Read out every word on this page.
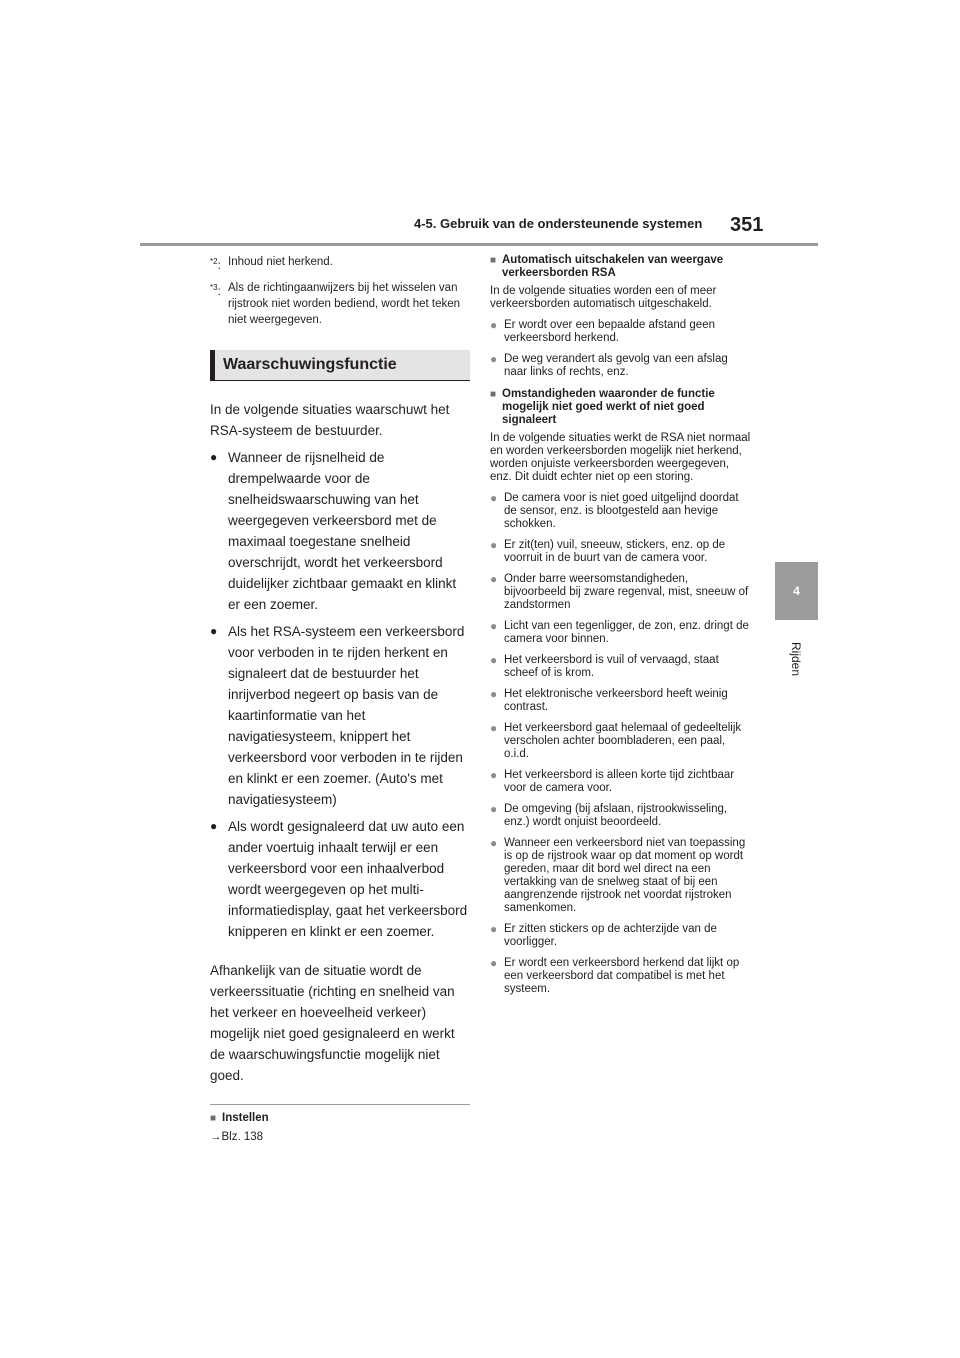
4-5. Gebruik van de ondersteunende systemen 351
4
Rijden
$^{*2}$: Inhoud niet herkend.
$^{*3}$: Als de richtingaanwijzers bij het wisselen van rijstrook niet worden bediend, wordt het teken niet weergegeven.
Waarschuwingsfunctie

In de volgende situaties waarschuwt het RSA-systeem de bestuurder.

● Wanneer de rijsnelheid de drempelwaarde voor de snelheidswaarschuwing van het weergegeven verkeersbord met de maximaal toegestane snelheid overschrijdt, wordt het verkeersbord duidelijker zichtbaar gemaakt en klinkt er een zoemer.
● Als het RSA-systeem een verkeersbord voor verboden in te rijden herkent en signaleert dat de bestuurder het inrijverbod negeert op basis van de kaartinformatie van het navigatiesysteem, knippert het verkeersbord voor verboden in te rijden en klinkt er een zoemer. (Auto's met navigatiesysteem)
● Als wordt gesignaleerd dat uw auto een ander voertuig inhaalt terwijl er een verkeersbord voor een inhaalverbod wordt weergegeven op het multi-informatiedisplay, gaat het verkeersbord knipperen en klinkt er een zoemer.

Afhankelijk van de situatie wordt de verkeerssituatie (richting en snelheid van het verkeer en hoeveelheid verkeer) mogelijk niet goed gesignaleerd en werkt de waarschuwingsfunctie mogelijk niet goed.

■ Instellen
→Blz. 138
■ Automatisch uitschakelen van weergave verkeersborden RSA
In de volgende situaties worden een of meer verkeersborden automatisch uitgeschakeld.
● Er wordt over een bepaalde afstand geen verkeersbord herkend.
● De weg verandert als gevolg van een afslag naar links of rechts, enz.
■ Omstandigheden waaronder de functie mogelijk niet goed werkt of niet goed signaleert
In de volgende situaties werkt de RSA niet normaal en worden verkeersborden mogelijk niet herkend, worden onjuiste verkeersborden weergegeven, enz. Dit duidt echter niet op een storing.
● De camera voor is niet goed uitgelijnd doordat de sensor, enz. is blootgesteld aan hevige schokken.
● Er zit(ten) vuil, sneeuw, stickers, enz. op de voorruit in de buurt van de camera voor.
● Onder barre weersomstandigheden, bijvoorbeeld bij zware regenval, mist, sneeuw of zandstormen
● Licht van een tegenligger, de zon, enz. dringt de camera voor binnen.
● Het verkeersbord is vuil of vervaagd, staat scheef of is krom.
● Het elektronische verkeersbord heeft weinig contrast.
● Het verkeersbord gaat helemaal of gedeeltelijk verscholen achter boombladeren, een paal, o.i.d.
● Het verkeersbord is alleen korte tijd zichtbaar voor de camera voor.
● De omgeving (bij afslaan, rijstrookwisseling, enz.) wordt onjuist beoordeeld.
● Wanneer een verkeersbord niet van toepassing is op de rijstrook waar op dat moment op wordt gereden, maar dit bord wel direct na een vertakking van de snelweg staat of bij een aangrenzende rijstrook net voordat rijstroken samenkomen.
● Er zitten stickers op de achterzijde van de voorligger.
● Er wordt een verkeersbord herkend dat lijkt op een verkeersbord dat compatibel is met het systeem.
